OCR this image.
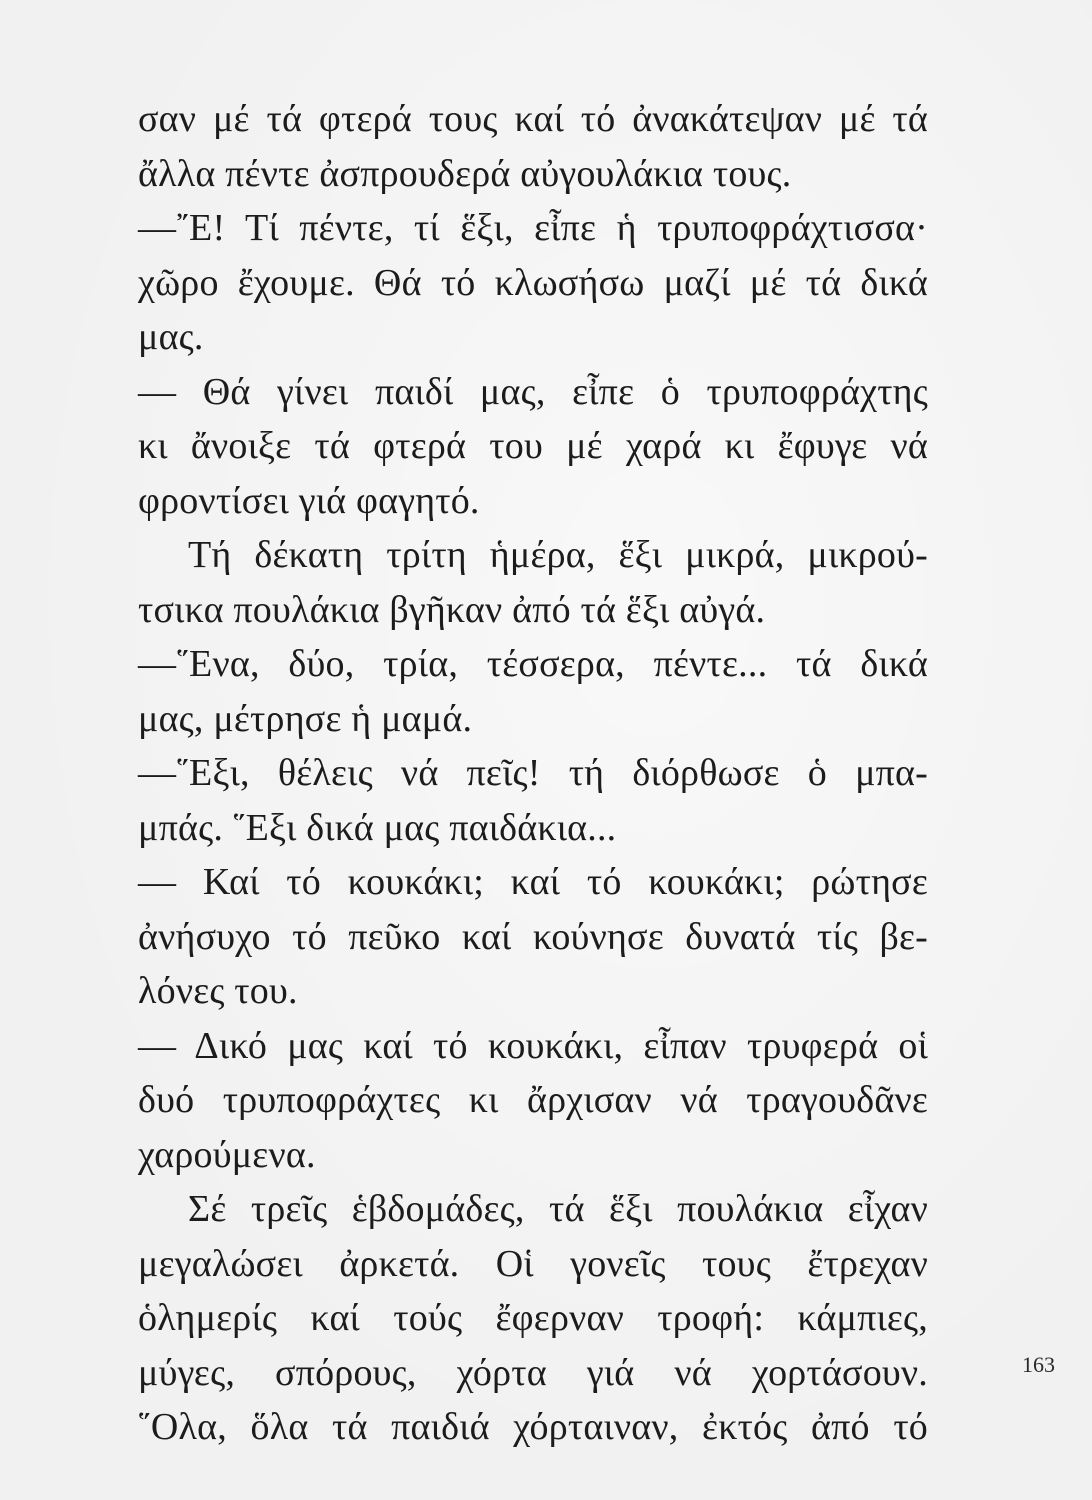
σαν μέ τά φτερά τους καί τό ἀνακάτεψαν μέ τά
ἄλλα πέντε ἀσπρουδερά αὐγουλάκια τους.
—῎Ε! Τί πέντε, τί ἕξι, εἶπε ἡ τρυποφράχτισσα·
χῶρο ἔχουμε. Θά τό κλωσήσω μαζί μέ τά δικά
μας.
— Θά γίνει παιδί μας, εἶπε ὁ τρυποφράχτης
κι ἄνοιξε τά φτερά του μέ χαρά κι ἔφυγε νά
φροντίσει γιά φαγητό.
Τή δέκατη τρίτη ἡμέρα, ἕξι μικρά, μικρού-
τσικα πουλάκια βγῆκαν ἀπό τά ἕξι αὐγά.
—῞Ενα, δύο, τρία, τέσσερα, πέντε... τά δικά
μας, μέτρησε ἡ μαμά.
—῞Εξι, θέλεις νά πεῖς! τή διόρθωσε ὁ μπα-
μπάς. ῞Εξι δικά μας παιδάκια...
— Καί τό κουκάκι; καί τό κουκάκι; ρώτησε
ἀνήσυχο τό πεῦκο καί κούνησε δυνατά τίς βε-
λόνες του.
— Δικό μας καί τό κουκάκι, εἶπαν τρυφερά οἱ
δυό τρυποφράχτες κι ἄρχισαν νά τραγουδᾶνε
χαρούμενα.
Σέ τρεῖς ἑβδομάδες, τά ἕξι πουλάκια εἶχαν
μεγαλώσει ἀρκετά. Οἱ γονεῖς τους ἔτρεχαν
ὁλημερίς καί τούς ἔφερναν τροφή: κάμπιες,
μύγες, σπόρους, χόρτα γιά νά χορτάσουν.
῞Ολα, ὅλα τά παιδιά χόρταιναν, ἐκτός ἀπό τό
163
